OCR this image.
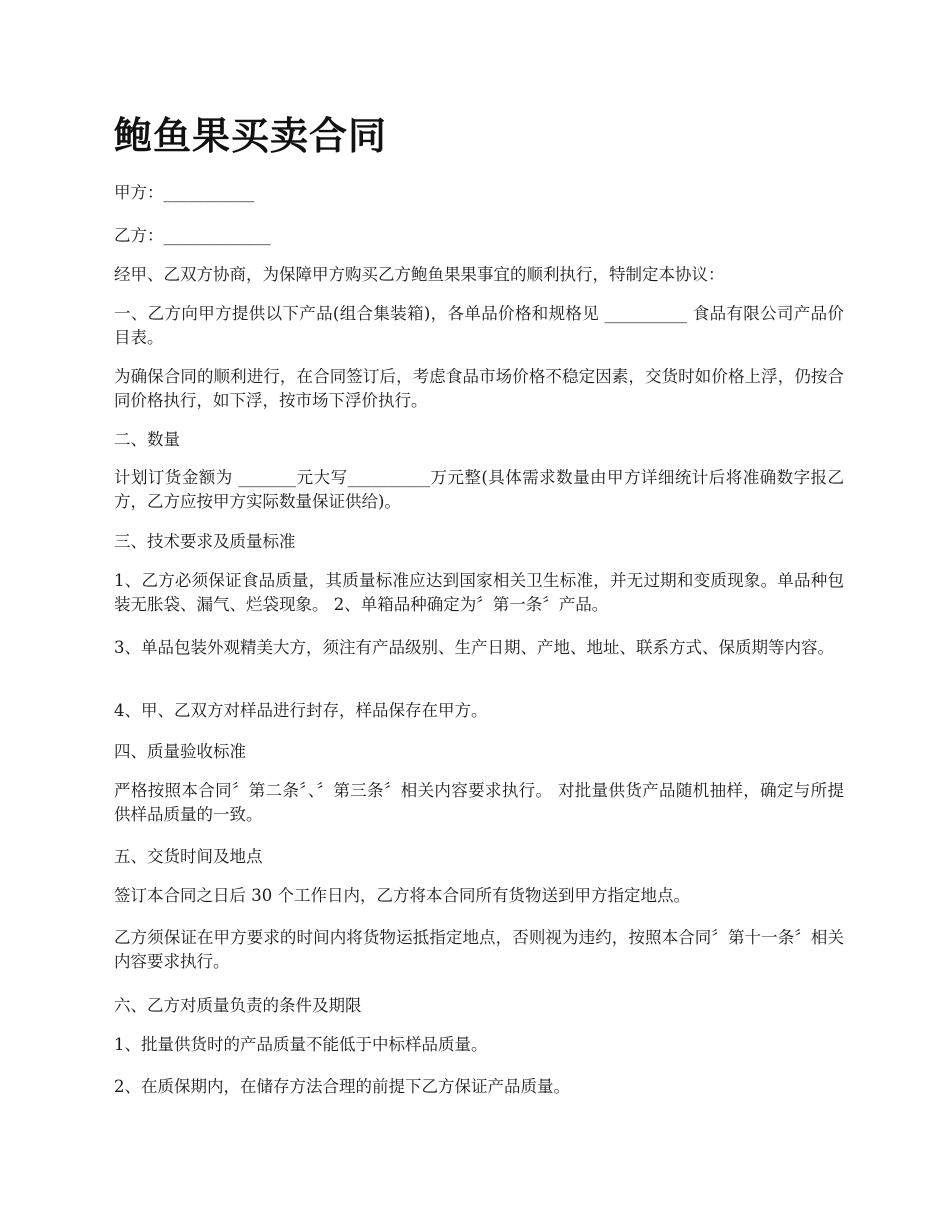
鲍鱼果买卖合同

甲方：___________

乙方：_____________

经甲、乙双方协商，为保障甲方购买乙方鲍鱼果果事宜的顺利执行，特制定本协议：

一、乙方向甲方提供以下产品(组合集装箱)，各单品价格和规格见 __________ 食品有限公司产品价目表。

为确保合同的顺利进行，在合同签订后，考虑食品市场价格不稳定因素，交货时如价格上浮，仍按合同价格执行，如下浮，按市场下浮价执行。

二、数量

计划订货金额为 _______元大写__________万元整(具体需求数量由甲方详细统计后将准确数字报乙方，乙方应按甲方实际数量保证供给)。

三、技术要求及质量标准

1、乙方必须保证食品质量，其质量标准应达到国家相关卫生标准，并无过期和变质现象。单品种包装无胀袋、漏气、烂袋现象。 2、单箱品种确定为〞第一条〞产品。

3、单品包装外观精美大方，须注有产品级别、生产日期、产地、地址、联系方式、保质期等内容。

4、甲、乙双方对样品进行封存，样品保存在甲方。

四、质量验收标准

严格按照本合同〞第二条〞、〞第三条〞相关内容要求执行。 对批量供货产品随机抽样，确定与所提供样品质量的一致。

五、交货时间及地点

签订本合同之日后 30 个工作日内，乙方将本合同所有货物送到甲方指定地点。

乙方须保证在甲方要求的时间内将货物运抵指定地点，否则视为违约，按照本合同〞第十一条〞相关内容要求执行。

六、乙方对质量负责的条件及期限

1、批量供货时的产品质量不能低于中标样品质量。

2、在质保期内，在储存方法合理的前提下乙方保证产品质量。
